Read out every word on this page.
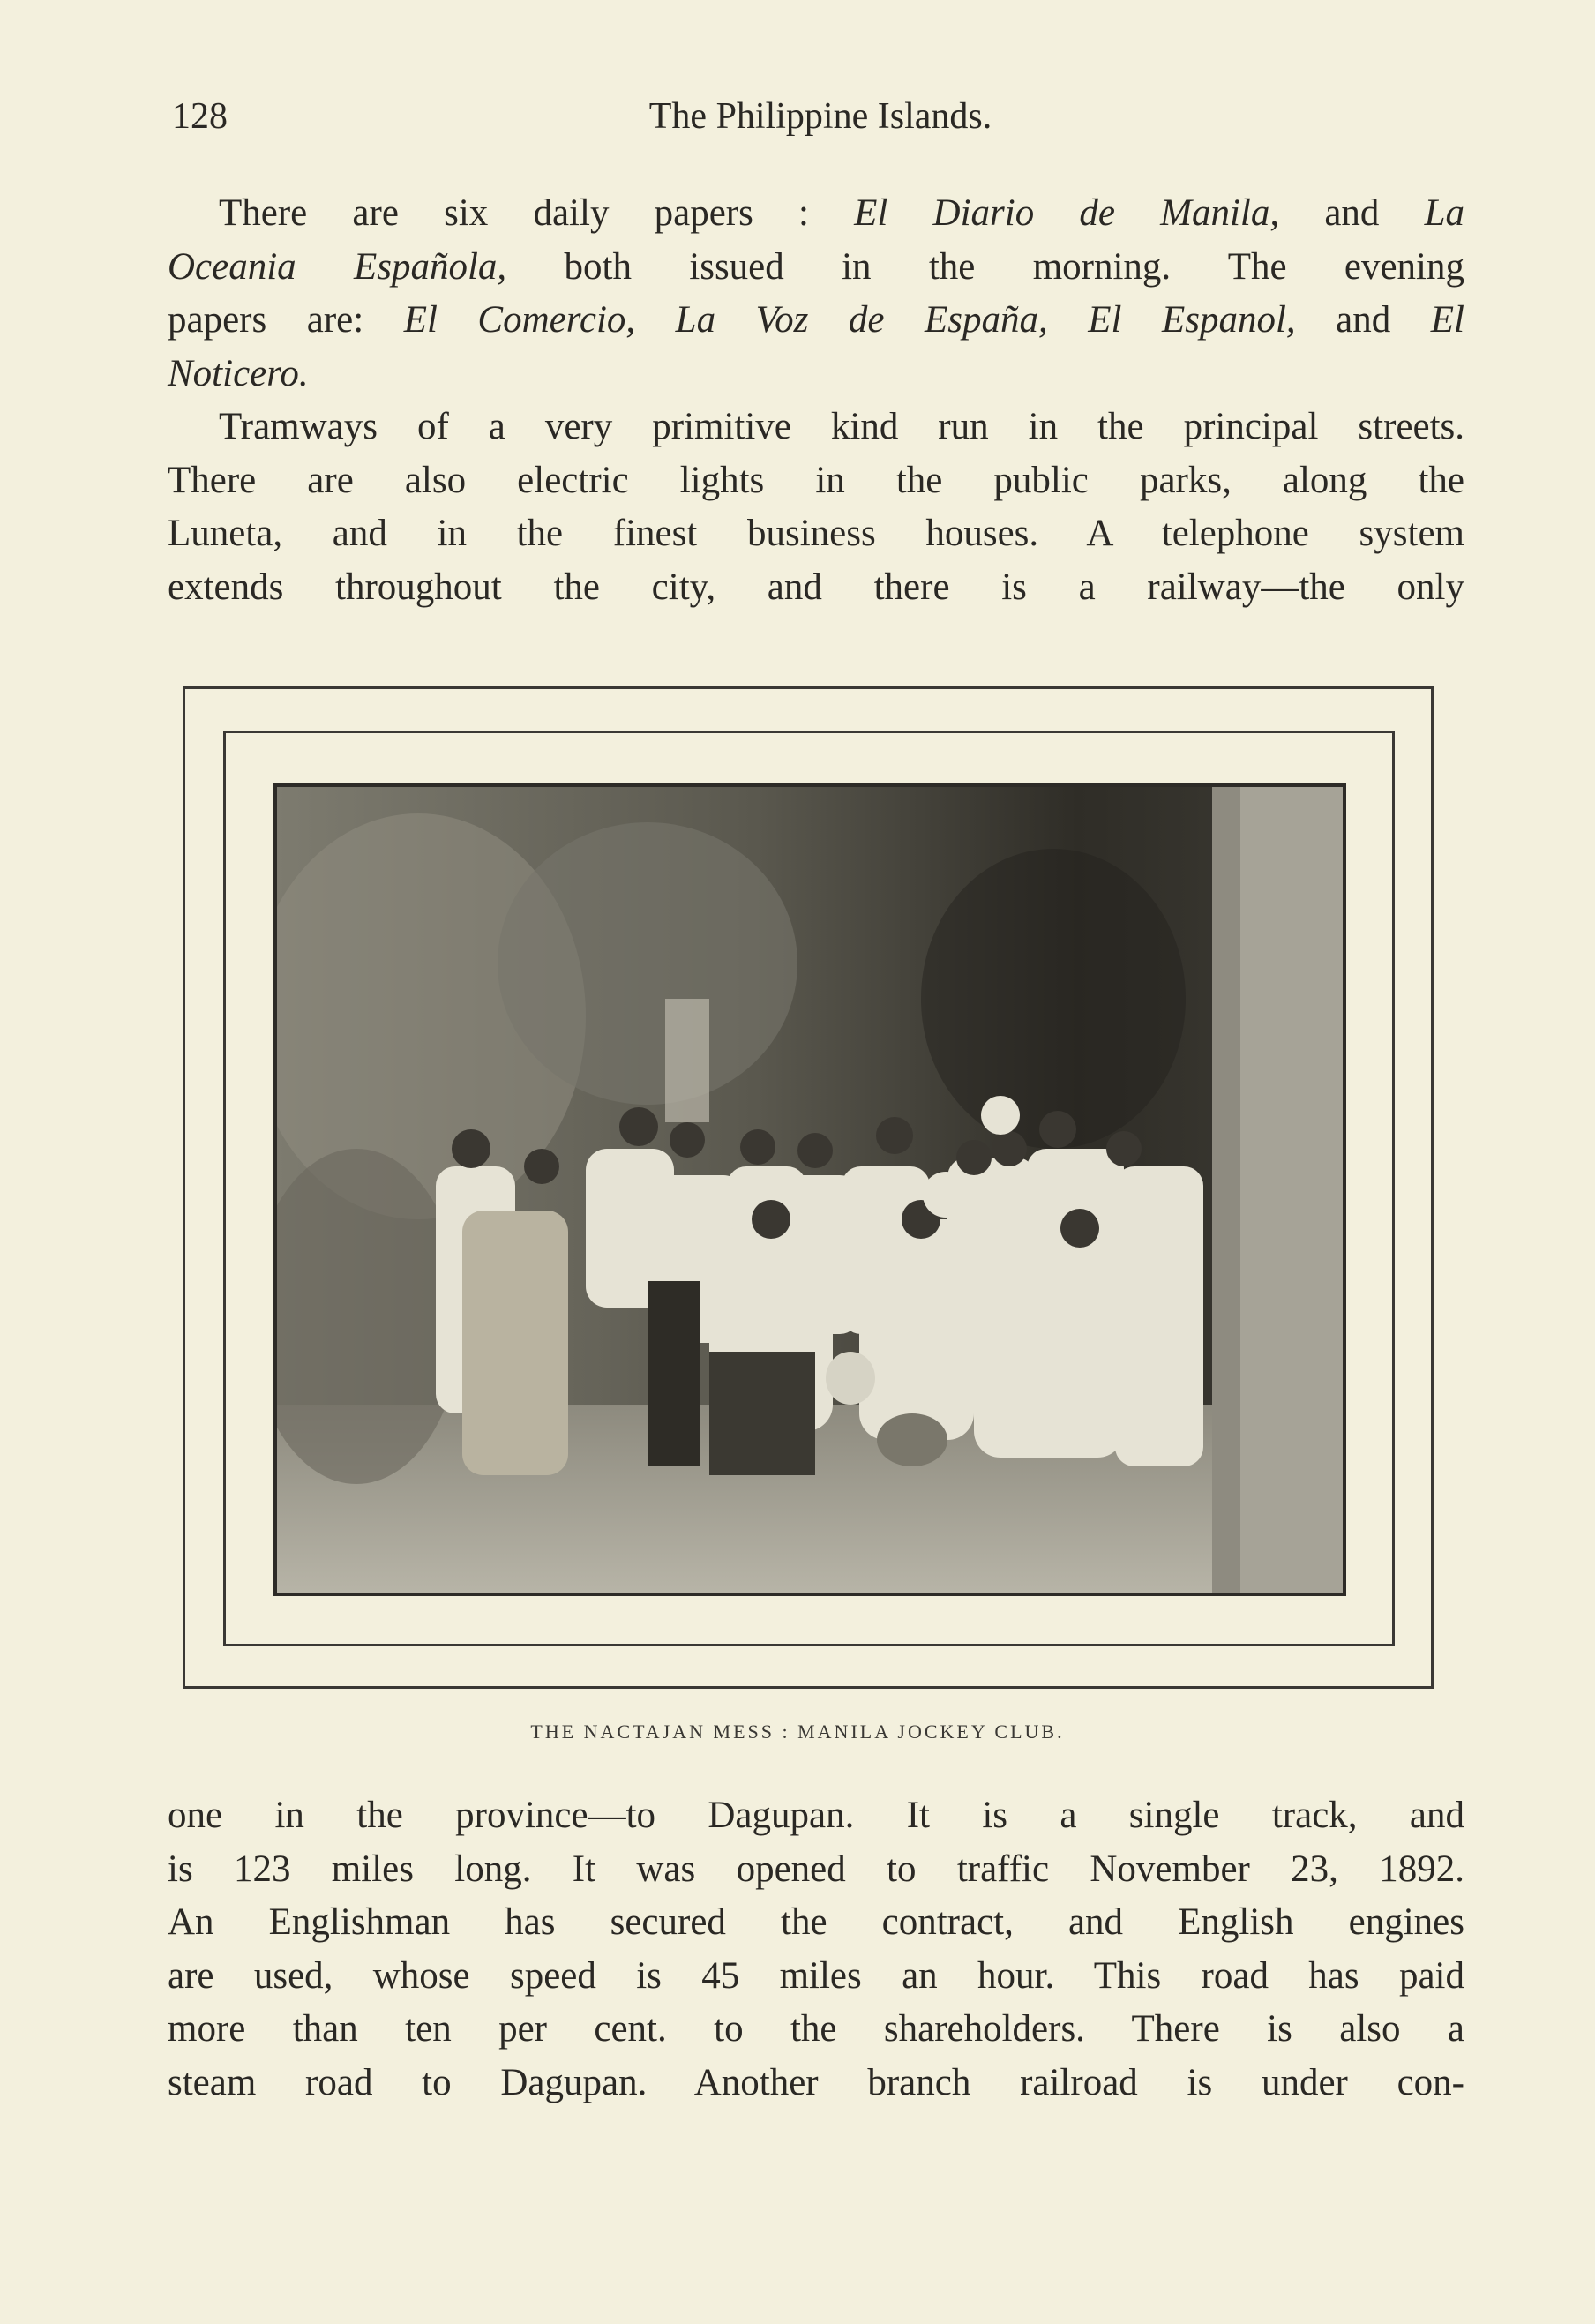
128	The Philippine Islands.
There are six daily papers : El Diario de Manila, and La
Oceania Española, both issued in the morning. The evening
papers are: El Comercio, La Voz de España, El Espanol, and El
Noticero.
Tramways of a very primitive kind run in the principal streets.
There are also electric lights in the public parks, along the
Luneta, and in the finest business houses. A telephone system
extends throughout the city, and there is a railway—the only
THE NACTAJAN MESS : MANILA JOCKEY CLUB.
one in the province—to Dagupan. It is a single track, and
is 123 miles long. It was opened to traffic November 23, 1892.
An Englishman has secured the contract, and English engines
are used, whose speed is 45 miles an hour. This road has paid
more than ten per cent. to the shareholders. There is also a
steam road to Dagupan. Another branch railroad is under con-
